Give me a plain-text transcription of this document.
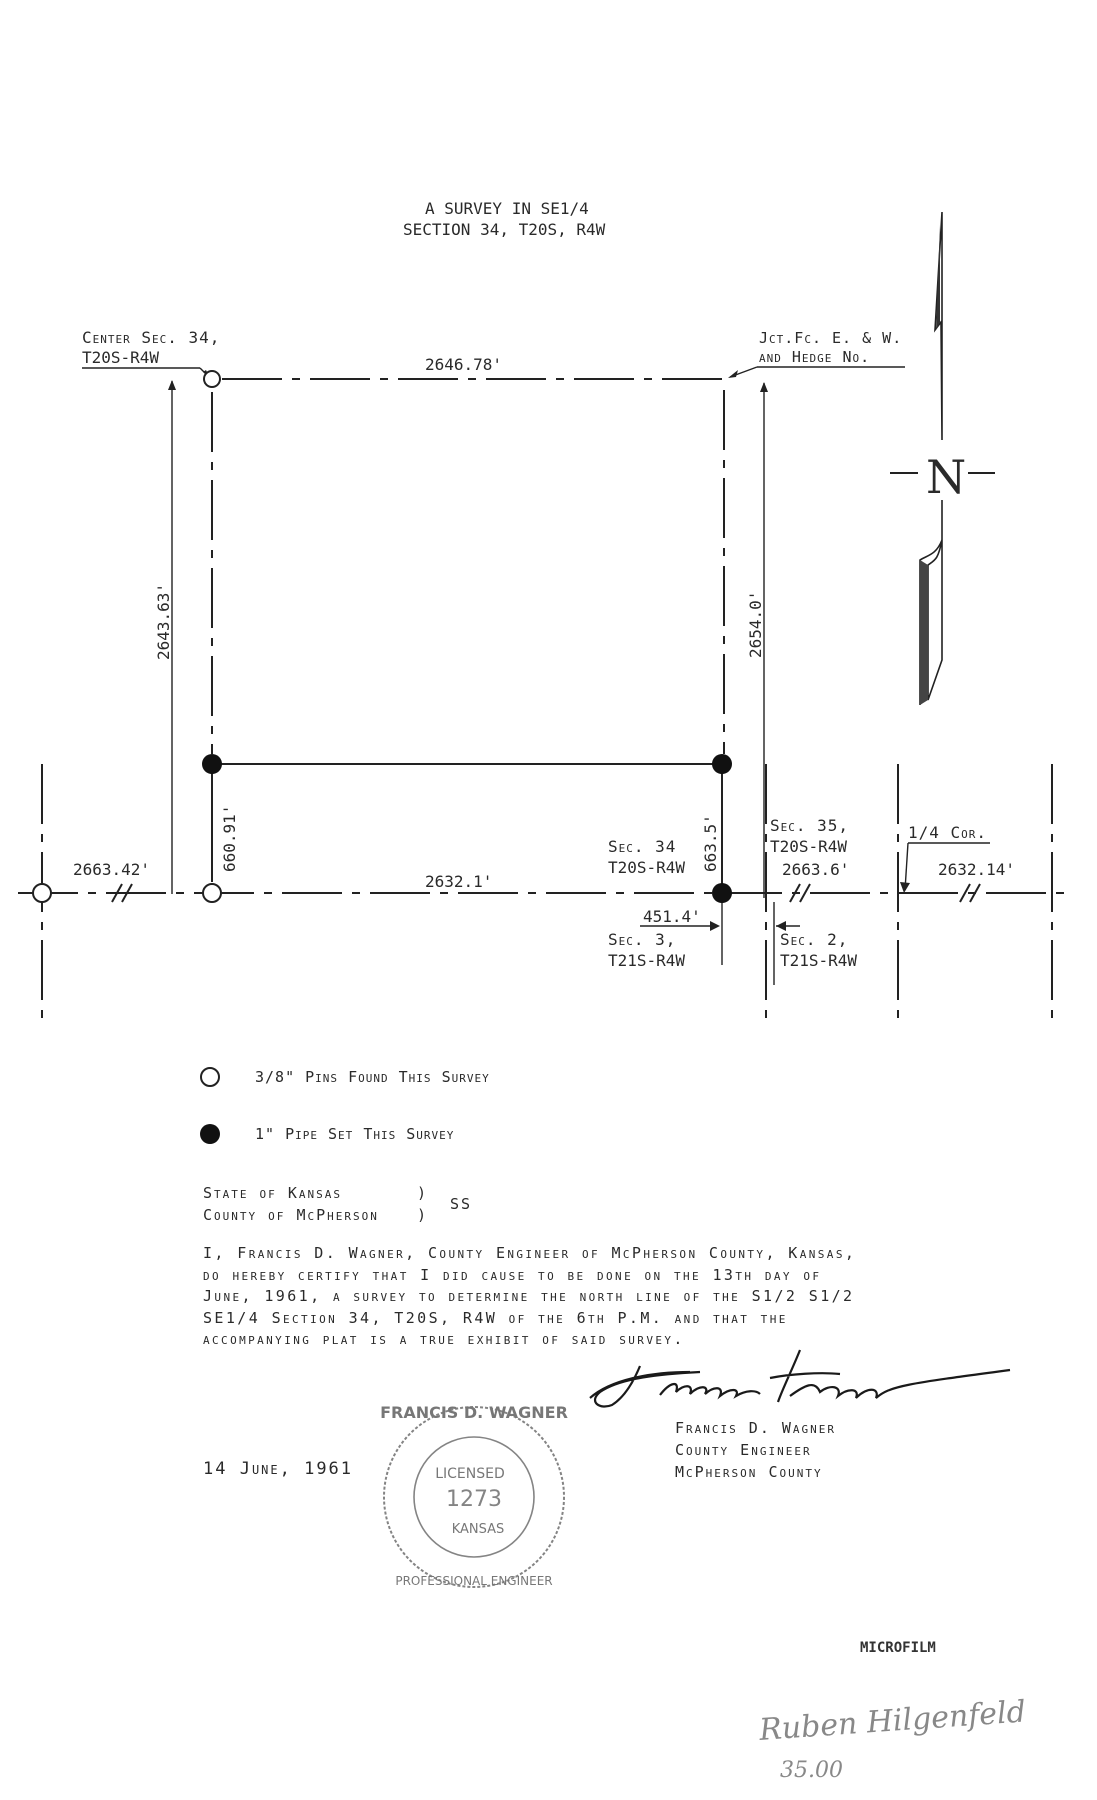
A SURVEY IN SE1/4
SECTION 34, T20S, R4W
Center Sec. 34,
T20S-R4W
Jct.Fc. E. & W.
and Hedge No.
2646.78'
2643.63'	2654.0'
660.91'	663.5'
2632.1'
2663.42'	2663.6'	2632.14'
Sec. 34
T20S-R4W
Sec. 35,
T20S-R4W
Sec. 3,
T21S-R4W
Sec. 2,
T21S-R4W
451.4'
1/4 Cor.
N
3/8" Pins Found This Survey
1" Pipe Set This Survey
Francis D. Wagner
LICENSED
1273
KANSAS
FRANCIS D. WAGNER
PROFESSIONAL ENGINEER
MICROFILM
Ruben Hilgenfeld
35.00
State of Kansas
County of McPherson
)
)
SS
I, Francis D. Wagner, County Engineer of McPherson County, Kansas,
do hereby certify that I did cause to be done on the 13th day of
June, 1961, a survey to determine the north line of the S1/2 S1/2
SE1/4 Section 34, T20S, R4W of the 6th P.M. and that the
accompanying plat is a true exhibit of said survey.
Francis D. Wagner
County Engineer
McPherson County
14 June, 1961
